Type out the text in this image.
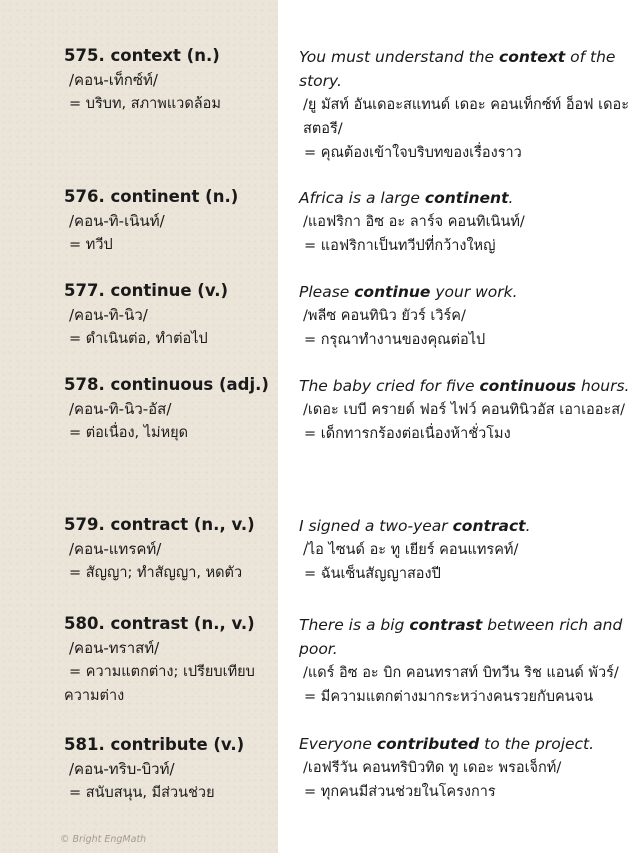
575. context (n.)
/คอน-เท็กซ์ท์/
= บริบท, สภาพแวดล้อม
You must understand the context of the story.
/ยู มัสท์ อันเดอะสแทนด์ เดอะ คอนเท็กซ์ท์ อ็อฟ เดอะ สตอรี/
= คุณต้องเข้าใจบริบทของเรื่องราว
576. continent (n.)
/คอน-ทิ-เนินท์/
= ทวีป
Africa is a large continent.
/แอฟริกา อิซ อะ ลาร์จ คอนทิเนินท์/
= แอฟริกาเป็นทวีปที่กว้างใหญ่
577. continue (v.)
/คอน-ทิ-นิว/
= ดำเนินต่อ, ทำต่อไป
Please continue your work.
/พลีซ คอนทินิว ยัวร์ เวิร์ค/
= กรุณาทำงานของคุณต่อไป
578. continuous (adj.)
/คอน-ทิ-นิว-อัส/
= ต่อเนื่อง, ไม่หยุด
The baby cried for five continuous hours.
/เดอะ เบบี ครายด์ ฟอร์ ไฟว์ คอนทินิวอัส เอาเออะส/
= เด็กทารกร้องต่อเนื่องห้าชั่วโมง
579. contract (n., v.)
/คอน-แทรคท์/
= สัญญา; ทำสัญญา, หดตัว
I signed a two-year contract.
/ไอ ไซนด์ อะ ทู เยียร์ คอนแทรคท์/
= ฉันเซ็นสัญญาสองปี
580. contrast (n., v.)
/คอน-ทราสท์/
= ความแตกต่าง; เปรียบเทียบความต่าง
There is a big contrast between rich and poor.
/แดร์ อิซ อะ บิก คอนทราสท์ บิทวีน ริช แอนด์ พัวร์/
= มีความแตกต่างมากระหว่างคนรวยกับคนจน
581. contribute (v.)
/คอน-ทริบ-บิวท์/
= สนับสนุน, มีส่วนช่วย
Everyone contributed to the project.
/เอฟรีวัน คอนทริบิวทิด ทู เดอะ พรอเจ็กท์/
= ทุกคนมีส่วนช่วยในโครงการ
© Bright EngMath
